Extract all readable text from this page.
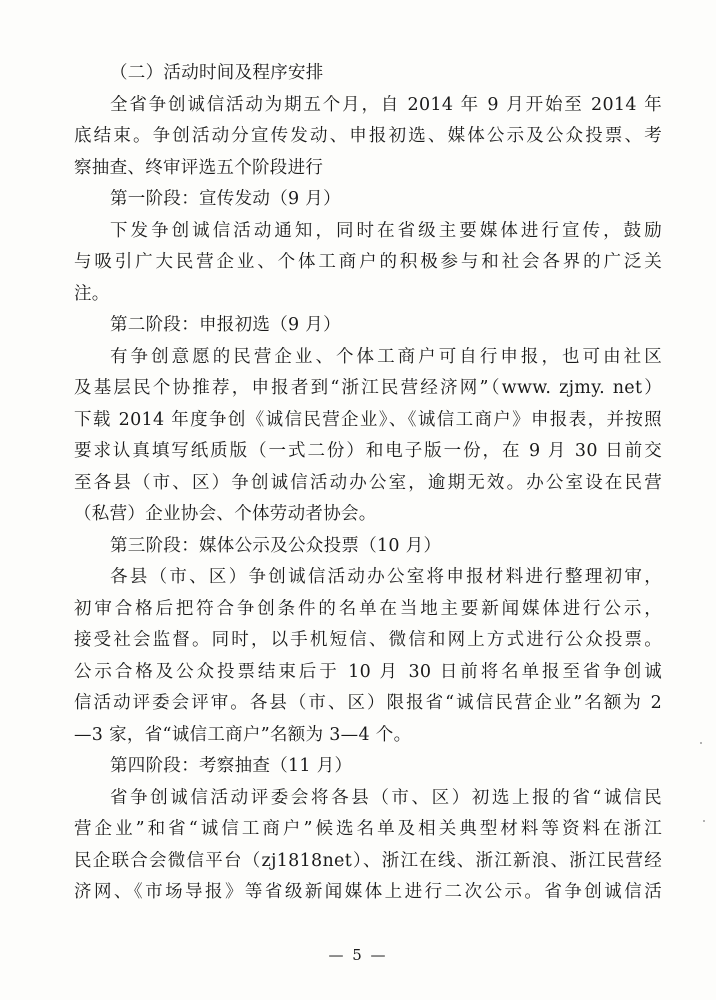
（二）活动时间及程序安排
全省争创诚信活动为期五个月，自 2014 年 9 月开始至 2014 年
底结束。争创活动分宣传发动、申报初选、媒体公示及公众投票、考
察抽查、终审评选五个阶段进行
第一阶段：宣传发动（9 月）
下发争创诚信活动通知，同时在省级主要媒体进行宣传，鼓励
与吸引广大民营企业、个体工商户的积极参与和社会各界的广泛关
注。
第二阶段：申报初选（9 月）
有争创意愿的民营企业、个体工商户可自行申报，也可由社区
及基层民个协推荐，申报者到“浙江民营经济网”（www. zjmy. net）
下载 2014 年度争创《诚信民营企业》、《诚信工商户》申报表，并按照
要求认真填写纸质版（一式二份）和电子版一份，在 9 月 30 日前交
至各县（市、区）争创诚信活动办公室，逾期无效。办公室设在民营
（私营）企业协会、个体劳动者协会。
第三阶段：媒体公示及公众投票（10 月）
各县（市、区）争创诚信活动办公室将申报材料进行整理初审，
初审合格后把符合争创条件的名单在当地主要新闻媒体进行公示，
接受社会监督。同时，以手机短信、微信和网上方式进行公众投票。
公示合格及公众投票结束后于 10 月 30 日前将名单报至省争创诚
信活动评委会评审。各县（市、区）限报省“诚信民营企业”名额为 2
—3 家，省“诚信工商户”名额为 3—4 个。
第四阶段：考察抽查（11 月）
省争创诚信活动评委会将各县（市、区）初选上报的省“诚信民
营企业”和省“诚信工商户”候选名单及相关典型材料等资料在浙江
民企联合会微信平台（zj1818net）、浙江在线、浙江新浪、浙江民营经
济网、《市场导报》等省级新闻媒体上进行二次公示。省争创诚信活
— 5 —
